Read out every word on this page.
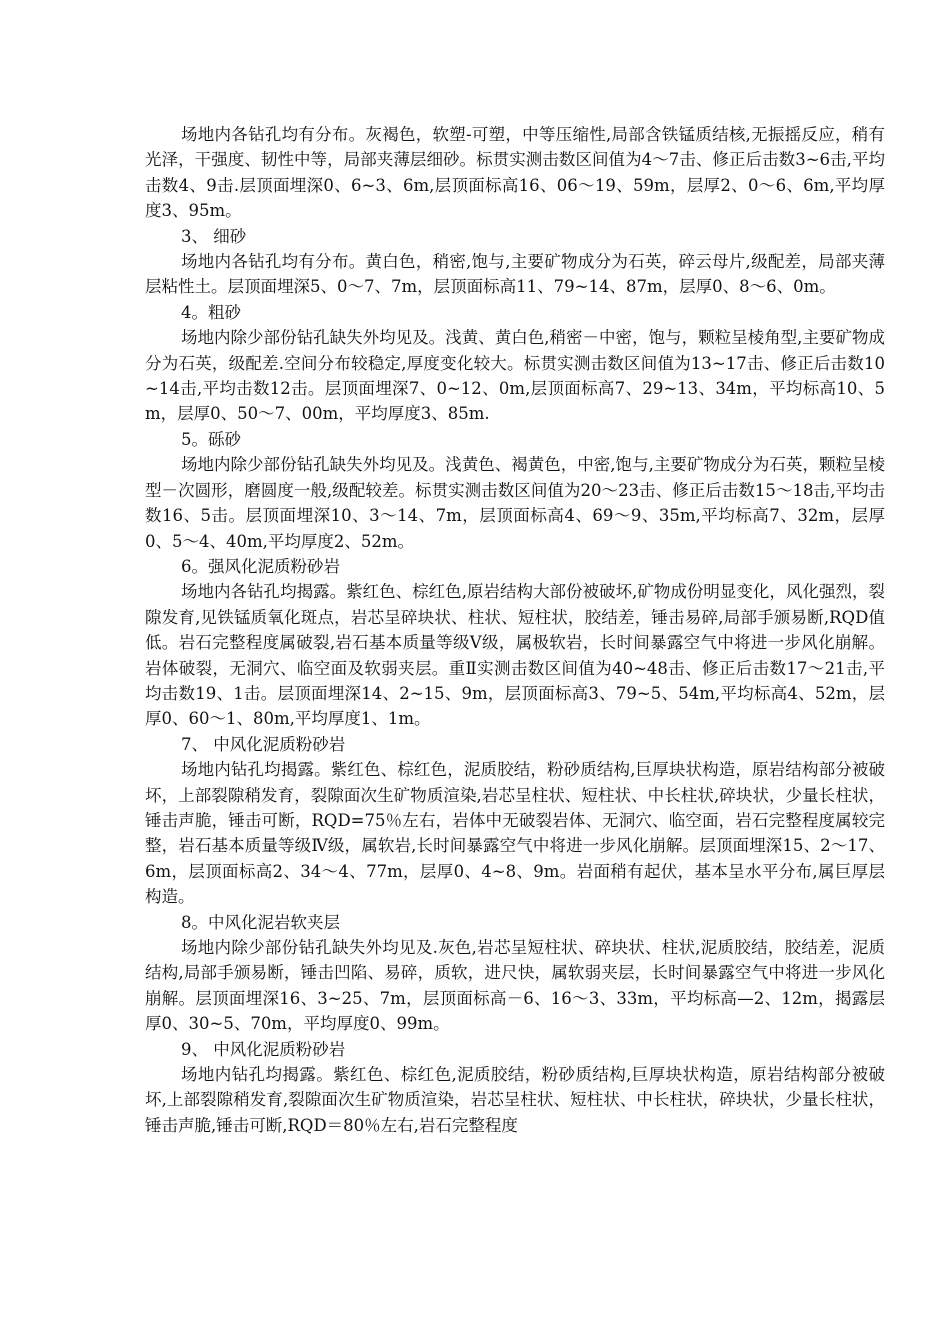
场地内各钻孔均有分布。灰褐色，软塑-可塑，中等压缩性,局部含铁锰质结核,无振摇反应，稍有光泽，干强度、韧性中等，局部夹薄层细砂。标贯实测击数区间值为4～7击、修正后击数3~6击,平均击数4、9击.层顶面埋深0、6~3、6m,层顶面标高16、06～19、59m，层厚2、0～6、6m,平均厚度3、95m。

3、 细砂

场地内各钻孔均有分布。黄白色，稍密,饱与,主要矿物成分为石英，碎云母片,级配差，局部夹薄层粘性土。层顶面埋深5、0～7、7m，层顶面标高11、79~14、87m，层厚0、8～6、0m。

4。粗砂

场地内除少部份钻孔缺失外均见及。浅黄、黄白色,稍密－中密，饱与，颗粒呈棱角型,主要矿物成分为石英，级配差.空间分布较稳定,厚度变化较大。标贯实测击数区间值为13~17击、修正后击数10~14击,平均击数12击。层顶面埋深7、0~12、0m,层顶面标高7、29~13、34m，平均标高10、5m，层厚0、50～7、00m，平均厚度3、85m.

5。砾砂

场地内除少部份钻孔缺失外均见及。浅黄色、褐黄色，中密,饱与,主要矿物成分为石英，颗粒呈棱型－次圆形，磨圆度一般,级配较差。标贯实测击数区间值为20～23击、修正后击数15～18击,平均击数16、5击。层顶面埋深10、3～14、7m，层顶面标高4、69～9、35m,平均标高7、32m，层厚0、5～4、40m,平均厚度2、52m。

6。强风化泥质粉砂岩

场地内各钻孔均揭露。紫红色、棕红色,原岩结构大部份被破坏,矿物成份明显变化，风化强烈，裂隙发育,见铁锰质氧化斑点，岩芯呈碎块状、柱状、短柱状，胶结差，锤击易碎,局部手颁易断,RQD值低。岩石完整程度属破裂,岩石基本质量等级Ⅴ级，属极软岩，长时间暴露空气中将进一步风化崩解。岩体破裂，无洞穴、临空面及软弱夹层。重Ⅱ实测击数区间值为40~48击、修正后击数17～21击,平均击数19、1击。层顶面埋深14、2~15、9m，层顶面标高3、79~5、54m,平均标高4、52m，层厚0、60～1、80m,平均厚度1、1m。

7、 中风化泥质粉砂岩

场地内钻孔均揭露。紫红色、棕红色，泥质胶结，粉砂质结构,巨厚块状构造，原岩结构部分被破坏，上部裂隙稍发育，裂隙面次生矿物质渲染,岩芯呈柱状、短柱状、中长柱状,碎块状，少量长柱状，锤击声脆，锤击可断，RQD=75％左右，岩体中无破裂岩体、无洞穴、临空面，岩石完整程度属较完整，岩石基本质量等级Ⅳ级，属软岩,长时间暴露空气中将进一步风化崩解。层顶面埋深15、2～17、6m，层顶面标高2、34～4、77m，层厚0、4~8、9m。岩面稍有起伏，基本呈水平分布,属巨厚层构造。

8。中风化泥岩软夹层

场地内除少部份钻孔缺失外均见及.灰色,岩芯呈短柱状、碎块状、柱状,泥质胶结，胶结差，泥质结构,局部手颁易断，锤击凹陷、易碎，质软，进尺快，属软弱夹层，长时间暴露空气中将进一步风化崩解。层顶面埋深16、3~25、7m，层顶面标高－6、16～3、33m，平均标高—2、12m，揭露层厚0、30~5、70m，平均厚度0、99m。

9、 中风化泥质粉砂岩

场地内钻孔均揭露。紫红色、棕红色,泥质胶结，粉砂质结构,巨厚块状构造，原岩结构部分被破坏,上部裂隙稍发育,裂隙面次生矿物质渲染，岩芯呈柱状、短柱状、中长柱状，碎块状，少量长柱状，锤击声脆,锤击可断,RQD＝80％左右,岩石完整程度
